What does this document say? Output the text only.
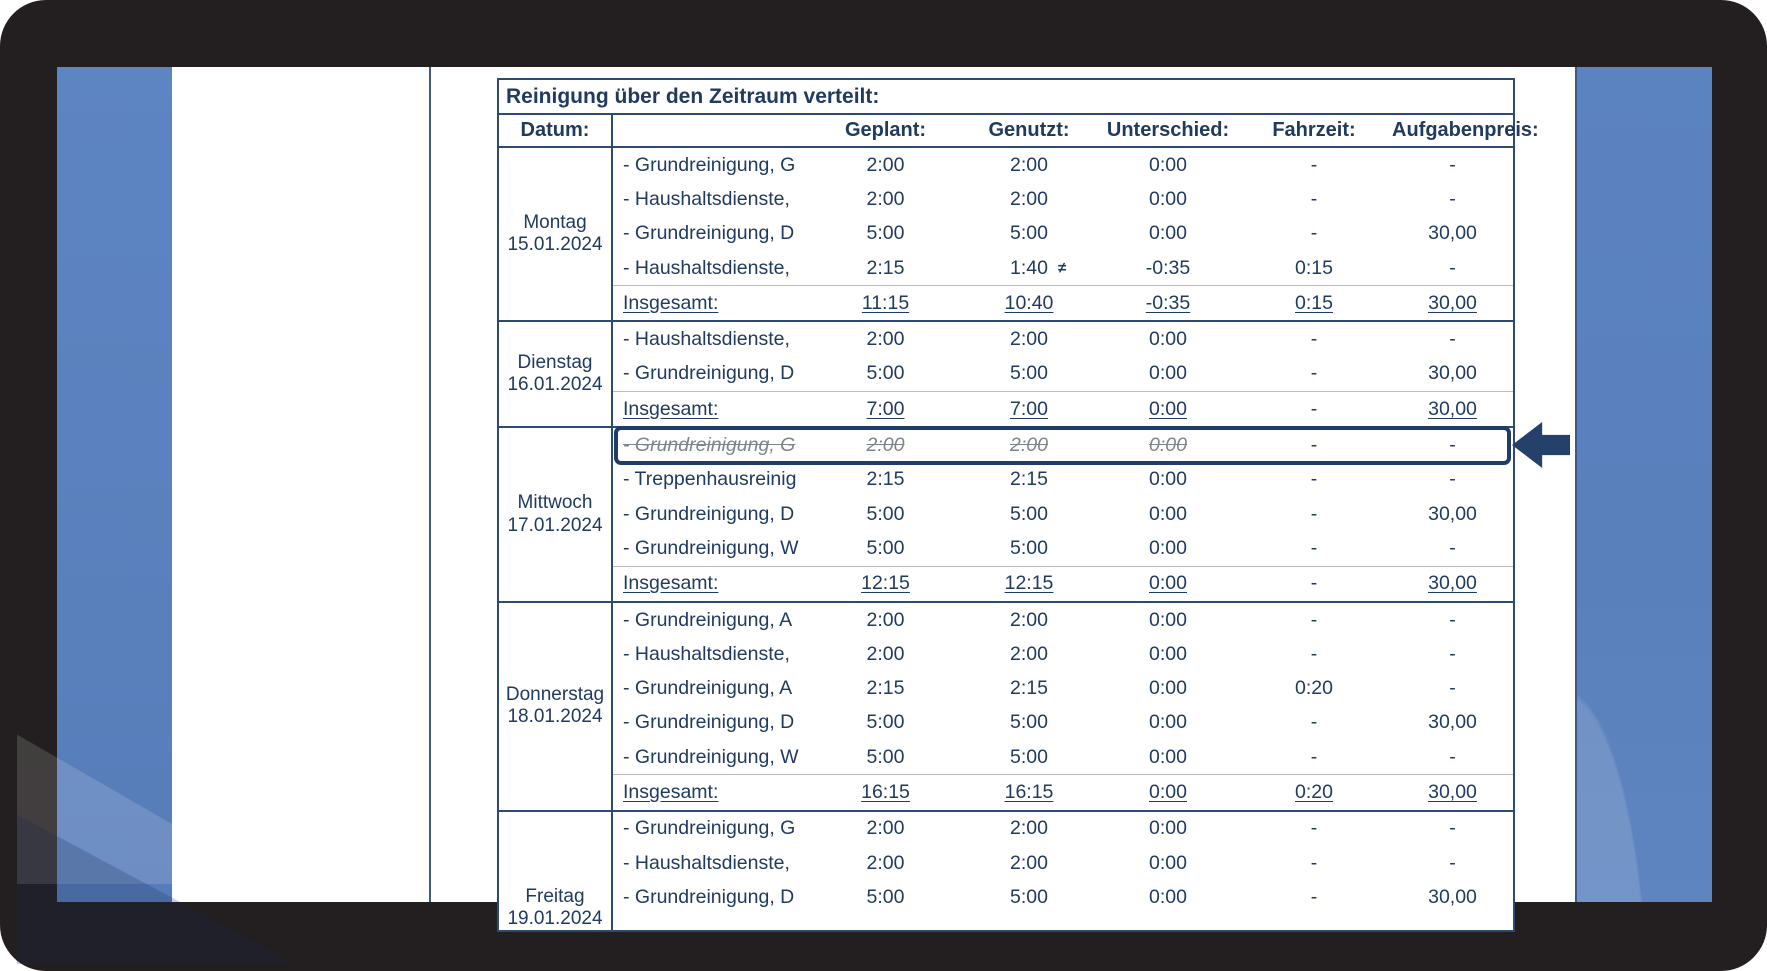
Reinigung über den Zeitraum verteilt:
Datum:	Geplant:	Genutzt:	Unterschied:	Fahrzeit:	Aufgabenpreis:
Montag
15.01.2024
- Grundreinigung, G	2:00	2:00	0:00	-	-
- Haushaltsdienste,	2:00	2:00	0:00	-	-
- Grundreinigung, D	5:00	5:00	0:00	-	30,00
- Haushaltsdienste,	2:15	1:40 ≠	-0:35	0:15	-
Insgesamt:	11:15	10:40	-0:35	0:15	30,00
Dienstag
16.01.2024
- Haushaltsdienste,	2:00	2:00	0:00	-	-
- Grundreinigung, D	5:00	5:00	0:00	-	30,00
Insgesamt:	7:00	7:00	0:00	-	30,00
Mittwoch
17.01.2024
- Grundreinigung, G	2:00	2:00	0:00	-	-
- Treppenhausreinig	2:15	2:15	0:00	-	-
- Grundreinigung, D	5:00	5:00	0:00	-	30,00
- Grundreinigung, W	5:00	5:00	0:00	-	-
Insgesamt:	12:15	12:15	0:00	-	30,00
Donnerstag
18.01.2024
- Grundreinigung, A	2:00	2:00	0:00	-	-
- Haushaltsdienste,	2:00	2:00	0:00	-	-
- Grundreinigung, A	2:15	2:15	0:00	0:20	-
- Grundreinigung, D	5:00	5:00	0:00	-	30,00
- Grundreinigung, W	5:00	5:00	0:00	-	-
Insgesamt:	16:15	16:15	0:00	0:20	30,00
Freitag
19.01.2024
- Grundreinigung, G	2:00	2:00	0:00	-	-
- Haushaltsdienste,	2:00	2:00	0:00	-	-
- Grundreinigung, D	5:00	5:00	0:00	-	30,00
